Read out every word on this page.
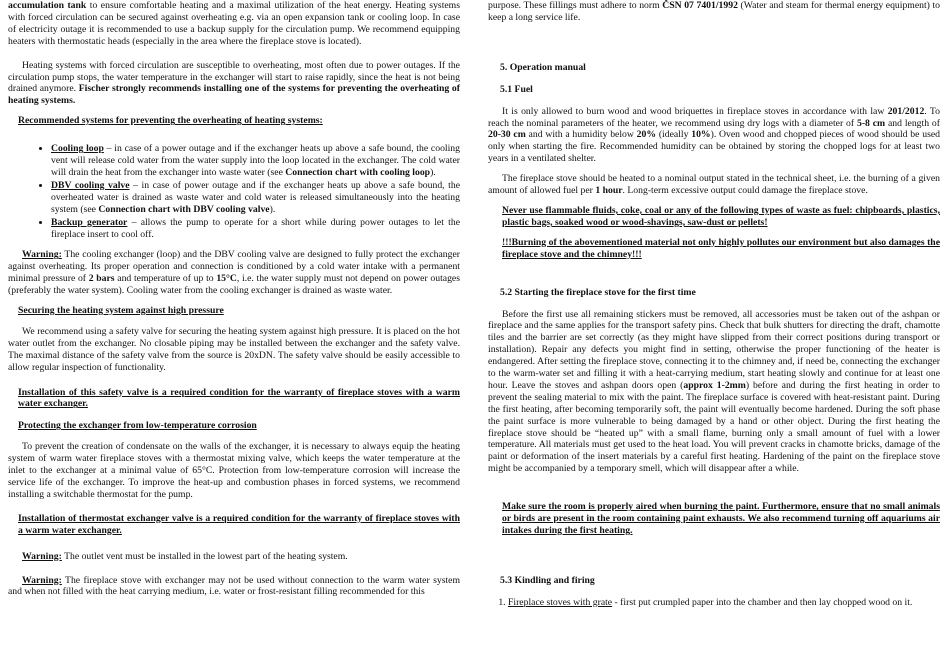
accumulation tank to ensure comfortable heating and a maximal utilization of the heat energy. Heating systems with forced circulation can be secured against overheating e.g. via an open expansion tank or cooling loop. In case of electricity outage it is recommended to use a backup supply for the circulation pump. We recommend equipping heaters with thermostatic heads (especially in the area where the fireplace stove is located).

Heating systems with forced circulation are susceptible to overheating, most often due to power outages. If the circulation pump stops, the water temperature in the exchanger will start to raise rapidly, since the heat is not being drained anymore. Fischer strongly recommends installing one of the systems for preventing the overheating of heating systems.

Recommended systems for preventing the overheating of heating systems:

• Cooling loop – in case of a power outage and if the exchanger heats up above a safe bound, the cooling vent will release cold water from the water supply into the loop located in the exchanger. The cold water will drain the heat from the exchanger into waste water (see Connection chart with cooling loop).
• DBV cooling valve – in case of power outage and if the exchanger heats up above a safe bound, the overheated water is drained as waste water and cold water is released simultaneously into the heating system (see Connection chart with DBV cooling valve).
• Backup generator – allows the pump to operate for a short while during power outages to let the fireplace insert to cool off.

Warning: The cooling exchanger (loop) and the DBV cooling valve are designed to fully protect the exchanger against overheating. Its proper operation and connection is conditioned by a cold water intake with a permanent minimal pressure of 2 bars and temperature of up to 15°C, i.e. the water supply must not depend on power outages (preferably the water system). Cooling water from the cooling exchanger is drained as waste water.

Securing the heating system against high pressure

We recommend using a safety valve for securing the heating system against high pressure. It is placed on the hot water outlet from the exchanger. No closable piping may be installed between the exchanger and the safety valve. The maximal distance of the safety valve from the source is 20xDN. The safety valve should be easily accessible to allow regular inspection of functionality.

Installation of this safety valve is a required condition for the warranty of fireplace stoves with a warm water exchanger.

Protecting the exchanger from low-temperature corrosion

To prevent the creation of condensate on the walls of the exchanger, it is necessary to always equip the heating system of warm water fireplace stoves with a thermostat mixing valve, which keeps the water temperature at the inlet to the exchanger at a minimal value of 65°C. Protection from low-temperature corrosion will increase the service life of the exchanger. To improve the heat-up and combustion phases in forced systems, we recommend installing a switchable thermostat for the pump.

Installation of thermostat exchanger valve is a required condition for the warranty of fireplace stoves with a warm water exchanger.

Warning: The outlet vent must be installed in the lowest part of the heating system.

Warning: The fireplace stove with exchanger may not be used without connection to the warm water system and when not filled with the heat carrying medium, i.e. water or frost-resistant filling recommended for this

purpose. These fillings must adhere to norm ČSN 07 7401/1992 (Water and steam for thermal energy equipment) to keep a long service life.

5. Operation manual

5.1 Fuel

It is only allowed to burn wood and wood briquettes in fireplace stoves in accordance with law 201/2012. To reach the nominal parameters of the heater, we recommend using dry logs with a diameter of 5-8 cm and length of 20-30 cm and with a humidity below 20% (ideally 10%). Oven wood and chopped pieces of wood should be used only when starting the fire. Recommended humidity can be obtained by storing the chopped logs for at least two years in a ventilated shelter.

The fireplace stove should be heated to a nominal output stated in the technical sheet, i.e. the burning of a given amount of allowed fuel per 1 hour. Long-term excessive output could damage the fireplace stove.

Never use flammable fluids, coke, coal or any of the following types of waste as fuel: chipboards, plastics, plastic bags, soaked wood or wood-shavings, saw-dust or pellets!

!!!Burning of the abovementioned material not only highly pollutes our environment but also damages the fireplace stove and the chimney!!!

5.2 Starting the fireplace stove for the first time

Before the first use all remaining stickers must be removed, all accessories must be taken out of the ashpan or fireplace and the same applies for the transport safety pins. Check that bulk shutters for directing the draft, chamotte tiles and the barrier are set correctly (as they might have slipped from their correct positions during transport or installation). Repair any defects you might find in setting, otherwise the proper functioning of the heater is endangered. After setting the fireplace stove, connecting it to the chimney and, if need be, connecting the exchanger to the warm-water set and filling it with a heat-carrying medium, start heating slowly and continue for at least one hour. Leave the stoves and ashpan doors open (approx 1-2mm) before and during the first heating in order to prevent the sealing material to mix with the paint. The fireplace surface is covered with heat-resistant paint. During the first heating, after becoming temporarily soft, the paint will eventually become hardened. During the soft phase the paint surface is more vulnerable to being damaged by a hand or other object. During the first heating the fireplace stove should be “heated up” with a small flame, burning only a small amount of fuel with a lower temperature. All materials must get used to the heat load. You will prevent cracks in chamotte bricks, damage of the paint or deformation of the insert materials by a careful first heating. Hardening of the paint on the fireplace stove might be accompanied by a temporary smell, which will disappear after a while.

Make sure the room is properly aired when burning the paint. Furthermore, ensure that no small animals or birds are present in the room containing paint exhausts. We also recommend turning off aquariums air intakes during the first heating.

5.3 Kindling and firing

1. Fireplace stoves with grate - first put crumpled paper into the chamber and then lay chopped wood on it.
